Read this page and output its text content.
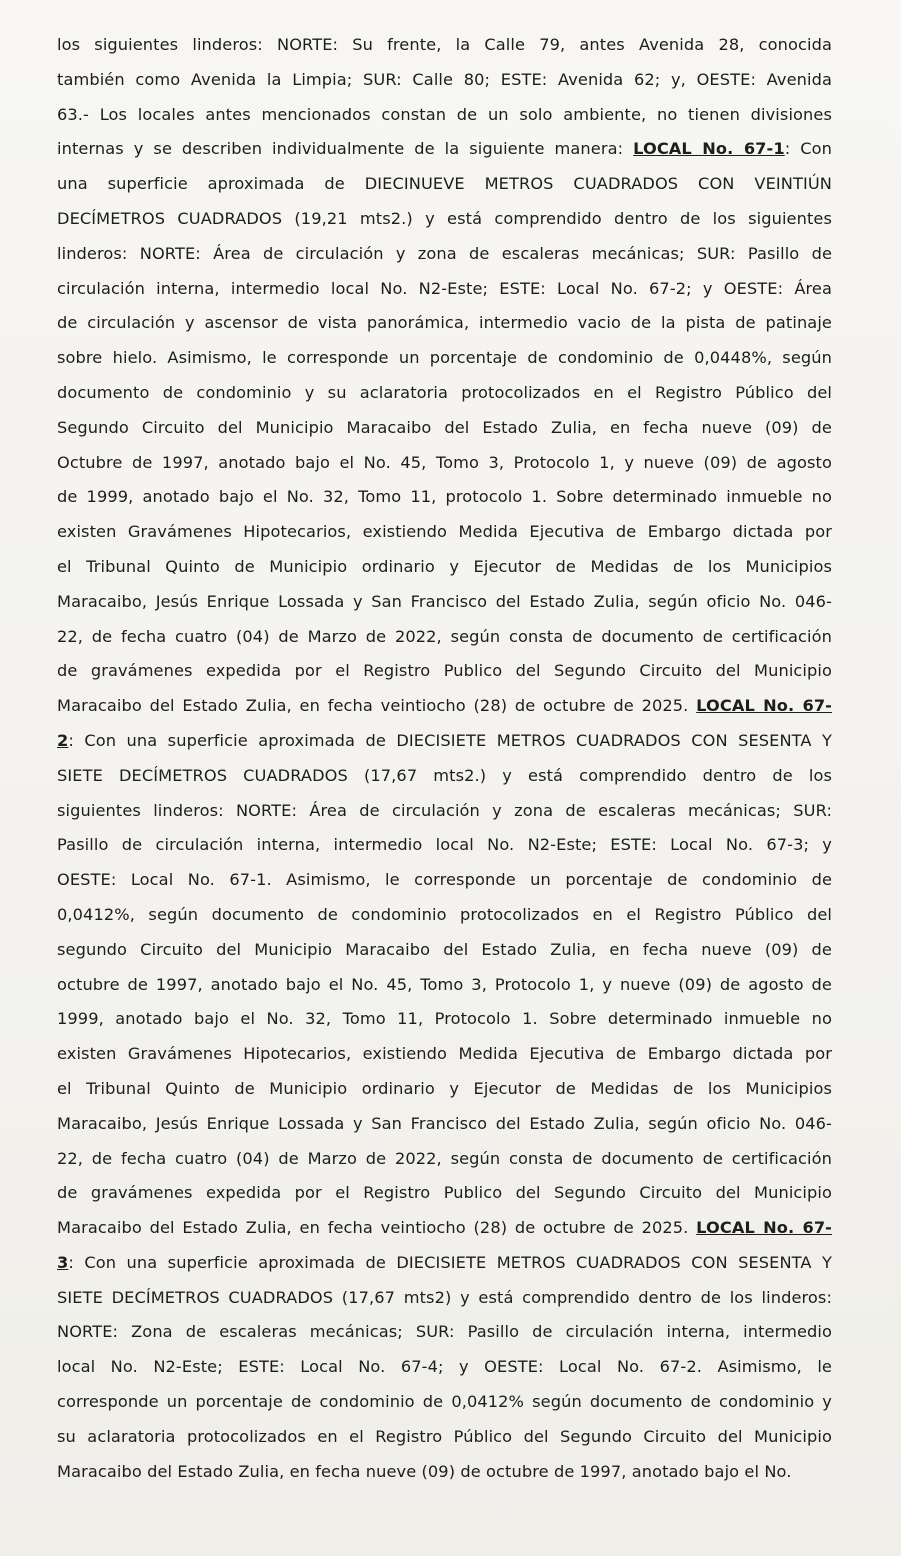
los siguientes linderos: NORTE: Su frente, la Calle 79, antes Avenida 28, conocida
también como Avenida la Limpia; SUR: Calle 80; ESTE: Avenida 62; y, OESTE: Avenida
63.- Los locales antes mencionados constan de un solo ambiente, no tienen divisiones
internas y se describen individualmente de la siguiente manera: LOCAL No. 67-1: Con
una superficie aproximada de DIECINUEVE METROS CUADRADOS CON VEINTIÚN
DECÍMETROS CUADRADOS (19,21 mts2.) y está comprendido dentro de los siguientes
linderos: NORTE: Área de circulación y zona de escaleras mecánicas; SUR: Pasillo de
circulación interna, intermedio local No. N2-Este; ESTE: Local No. 67-2; y OESTE: Área
de circulación y ascensor de vista panorámica, intermedio vacio de la pista de patinaje
sobre hielo. Asimismo, le corresponde un porcentaje de condominio de 0,0448%, según
documento de condominio y su aclaratoria protocolizados en el Registro Público del
Segundo Circuito del Municipio Maracaibo del Estado Zulia, en fecha nueve (09) de
Octubre de 1997, anotado bajo el No. 45, Tomo 3, Protocolo 1, y nueve (09) de agosto
de 1999, anotado bajo el No. 32, Tomo 11, protocolo 1. Sobre determinado inmueble no
existen Gravámenes Hipotecarios, existiendo Medida Ejecutiva de Embargo dictada por
el Tribunal Quinto de Municipio ordinario y Ejecutor de Medidas de los Municipios
Maracaibo, Jesús Enrique Lossada y San Francisco del Estado Zulia, según oficio No. 046-
22, de fecha cuatro (04) de Marzo de 2022, según consta de documento de certificación
de gravámenes expedida por el Registro Publico del Segundo Circuito del Municipio
Maracaibo del Estado Zulia, en fecha veintiocho (28) de octubre de 2025. LOCAL No. 67-
2: Con una superficie aproximada de DIECISIETE METROS CUADRADOS CON SESENTA Y
SIETE DECÍMETROS CUADRADOS (17,67 mts2.) y está comprendido dentro de los
siguientes linderos: NORTE: Área de circulación y zona de escaleras mecánicas; SUR:
Pasillo de circulación interna, intermedio local No. N2-Este; ESTE: Local No. 67-3; y
OESTE: Local No. 67-1. Asimismo, le corresponde un porcentaje de condominio de
0,0412%, según documento de condominio protocolizados en el Registro Público del
segundo Circuito del Municipio Maracaibo del Estado Zulia, en fecha nueve (09) de
octubre de 1997, anotado bajo el No. 45, Tomo 3, Protocolo 1, y nueve (09) de agosto de
1999, anotado bajo el No. 32, Tomo 11, Protocolo 1. Sobre determinado inmueble no
existen Gravámenes Hipotecarios, existiendo Medida Ejecutiva de Embargo dictada por
el Tribunal Quinto de Municipio ordinario y Ejecutor de Medidas de los Municipios
Maracaibo, Jesús Enrique Lossada y San Francisco del Estado Zulia, según oficio No. 046-
22, de fecha cuatro (04) de Marzo de 2022, según consta de documento de certificación
de gravámenes expedida por el Registro Publico del Segundo Circuito del Municipio
Maracaibo del Estado Zulia, en fecha veintiocho (28) de octubre de 2025. LOCAL No. 67-
3: Con una superficie aproximada de DIECISIETE METROS CUADRADOS CON SESENTA Y
SIETE DECÍMETROS CUADRADOS (17,67 mts2) y está comprendido dentro de los linderos:
NORTE: Zona de escaleras mecánicas; SUR: Pasillo de circulación interna, intermedio
local No. N2-Este; ESTE: Local No. 67-4; y OESTE: Local No. 67-2. Asimismo, le
corresponde un porcentaje de condominio de 0,0412% según documento de condominio y
su aclaratoria protocolizados en el Registro Público del Segundo Circuito del Municipio
Maracaibo del Estado Zulia, en fecha nueve (09) de octubre de 1997, anotado bajo el No.
